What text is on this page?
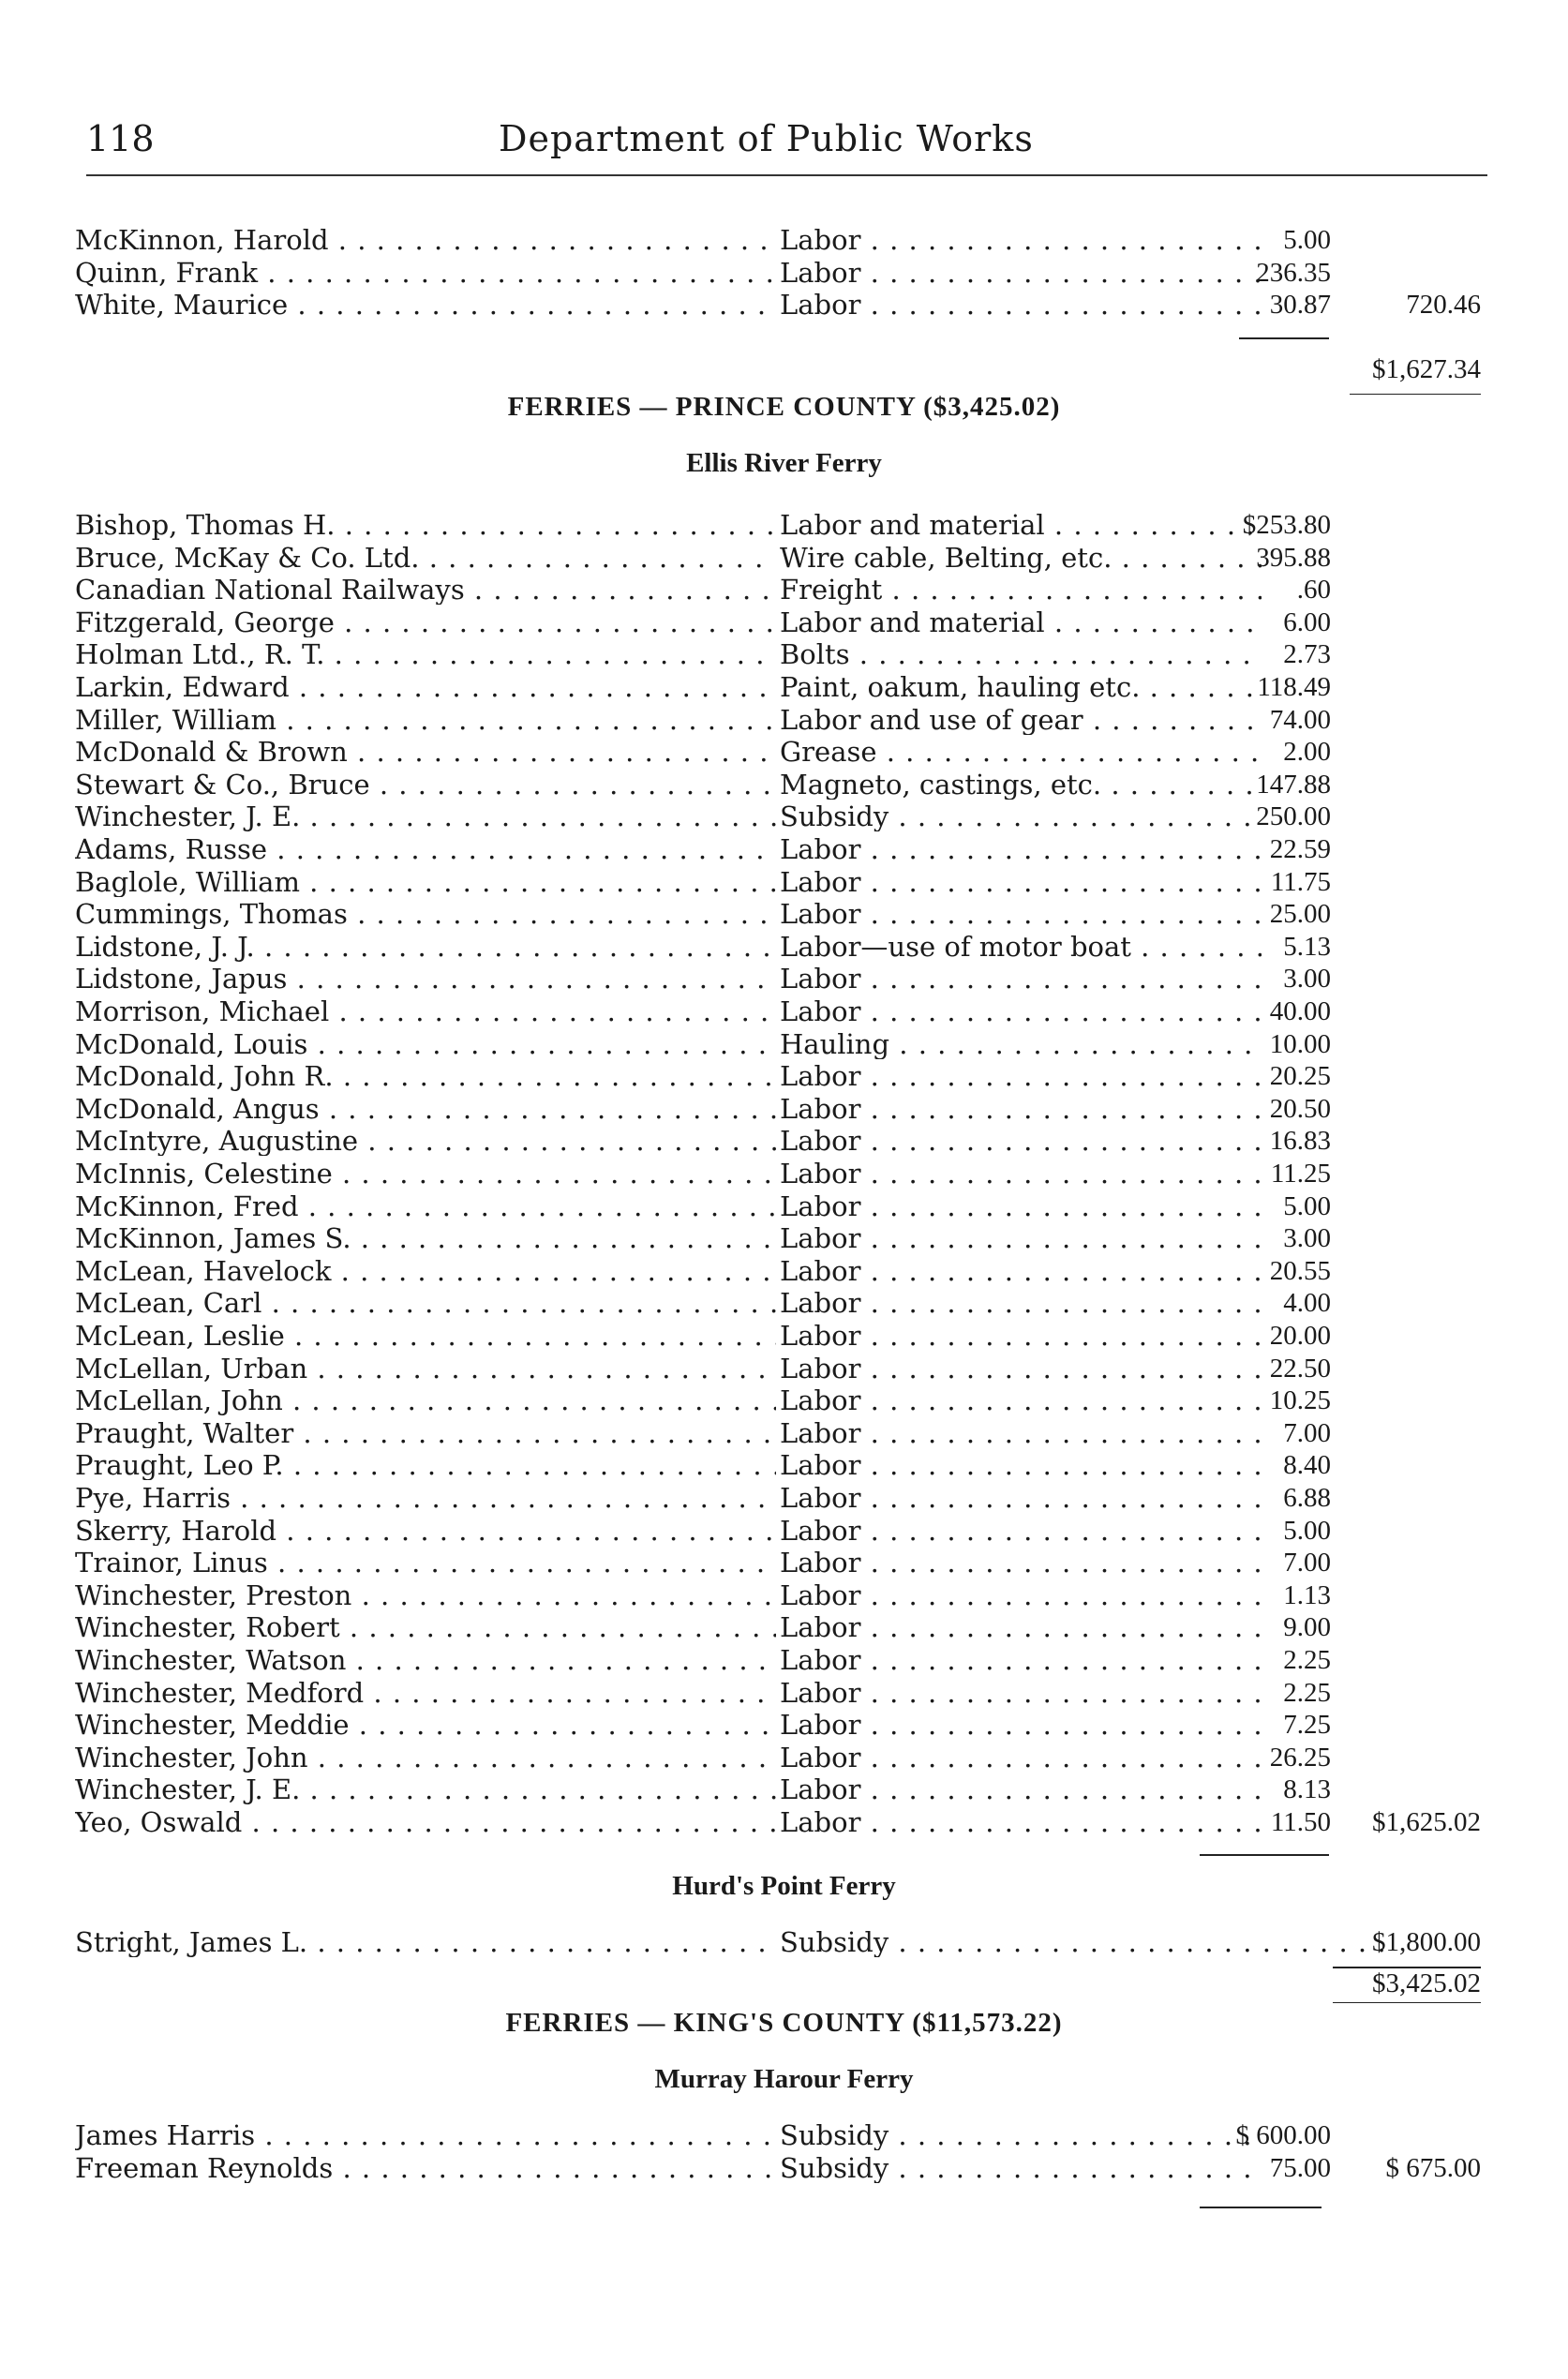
118	Department of Public Works
McKinnon, Harold . . .	Labor . . .	5.00
Quinn, Frank . . .	Labor . . .	236.35
White, Maurice . . .	Labor . . .	30.87	720.46
$1,627.34
FERRIES — PRINCE COUNTY ($3,425.02)
Ellis River Ferry
Bishop, Thomas H. . . .	Labor and material . . .	$253.80
Bruce, McKay & Co. Ltd. . . .	Wire cable, Belting, etc. . . .	395.88
Canadian National Railways . . .	Freight . . .	.60
Fitzgerald, George . . .	Labor and material . . .	6.00
Holman Ltd., R. T. . . .	Bolts . . .	2.73
Larkin, Edward . . .	Paint, oakum, hauling etc. . . .	118.49
Miller, William . . .	Labor and use of gear . . .	74.00
McDonald & Brown . . .	Grease . . .	2.00
Stewart & Co., Bruce . . .	Magneto, castings, etc. . . .	147.88
Winchester, J. E. . . .	Subsidy . . .	250.00
Adams, Russe . . .	Labor . . .	22.59
Baglole, William . . .	Labor . . .	11.75
Cummings, Thomas . . .	Labor . . .	25.00
Lidstone, J. J. . . .	Labor—use of motor boat . . .	5.13
Lidstone, Japus . . .	Labor . . .	3.00
Morrison, Michael . . .	Labor . . .	40.00
McDonald, Louis . . .	Hauling . . .	10.00
McDonald, John R. . . .	Labor . . .	20.25
McDonald, Angus . . .	Labor . . .	20.50
McIntyre, Augustine . . .	Labor . . .	16.83
McInnis, Celestine . . .	Labor . . .	11.25
McKinnon, Fred . . .	Labor . . .	5.00
McKinnon, James S. . . .	Labor . . .	3.00
McLean, Havelock . . .	Labor . . .	20.55
McLean, Carl . . .	Labor . . .	4.00
McLean, Leslie . . .	Labor . . .	20.00
McLellan, Urban . . .	Labor . . .	22.50
McLellan, John . . .	Labor . . .	10.25
Praught, Walter . . .	Labor . . .	7.00
Praught, Leo P. . . .	Labor . . .	8.40
Pye, Harris . . .	Labor . . .	6.88
Skerry, Harold . . .	Labor . . .	5.00
Trainor, Linus . . .	Labor . . .	7.00
Winchester, Preston . . .	Labor . . .	1.13
Winchester, Robert . . .	Labor . . .	9.00
Winchester, Watson . . .	Labor . . .	2.25
Winchester, Medford . . .	Labor . . .	2.25
Winchester, Meddie . . .	Labor . . .	7.25
Winchester, John . . .	Labor . . .	26.25
Winchester, J. E. . . .	Labor . . .	8.13
Yeo, Oswald . . .	Labor . . .	11.50	$1,625.02
Hurd's Point Ferry
Stright, James L. . . .	Subsidy . . .	$1,800.00
$3,425.02
FERRIES — KING'S COUNTY ($11,573.22)
Murray Harour Ferry
James Harris . . .	Subsidy . . .	$ 600.00
Freeman Reynolds . . .	Subsidy . . .	75.00	$ 675.00
